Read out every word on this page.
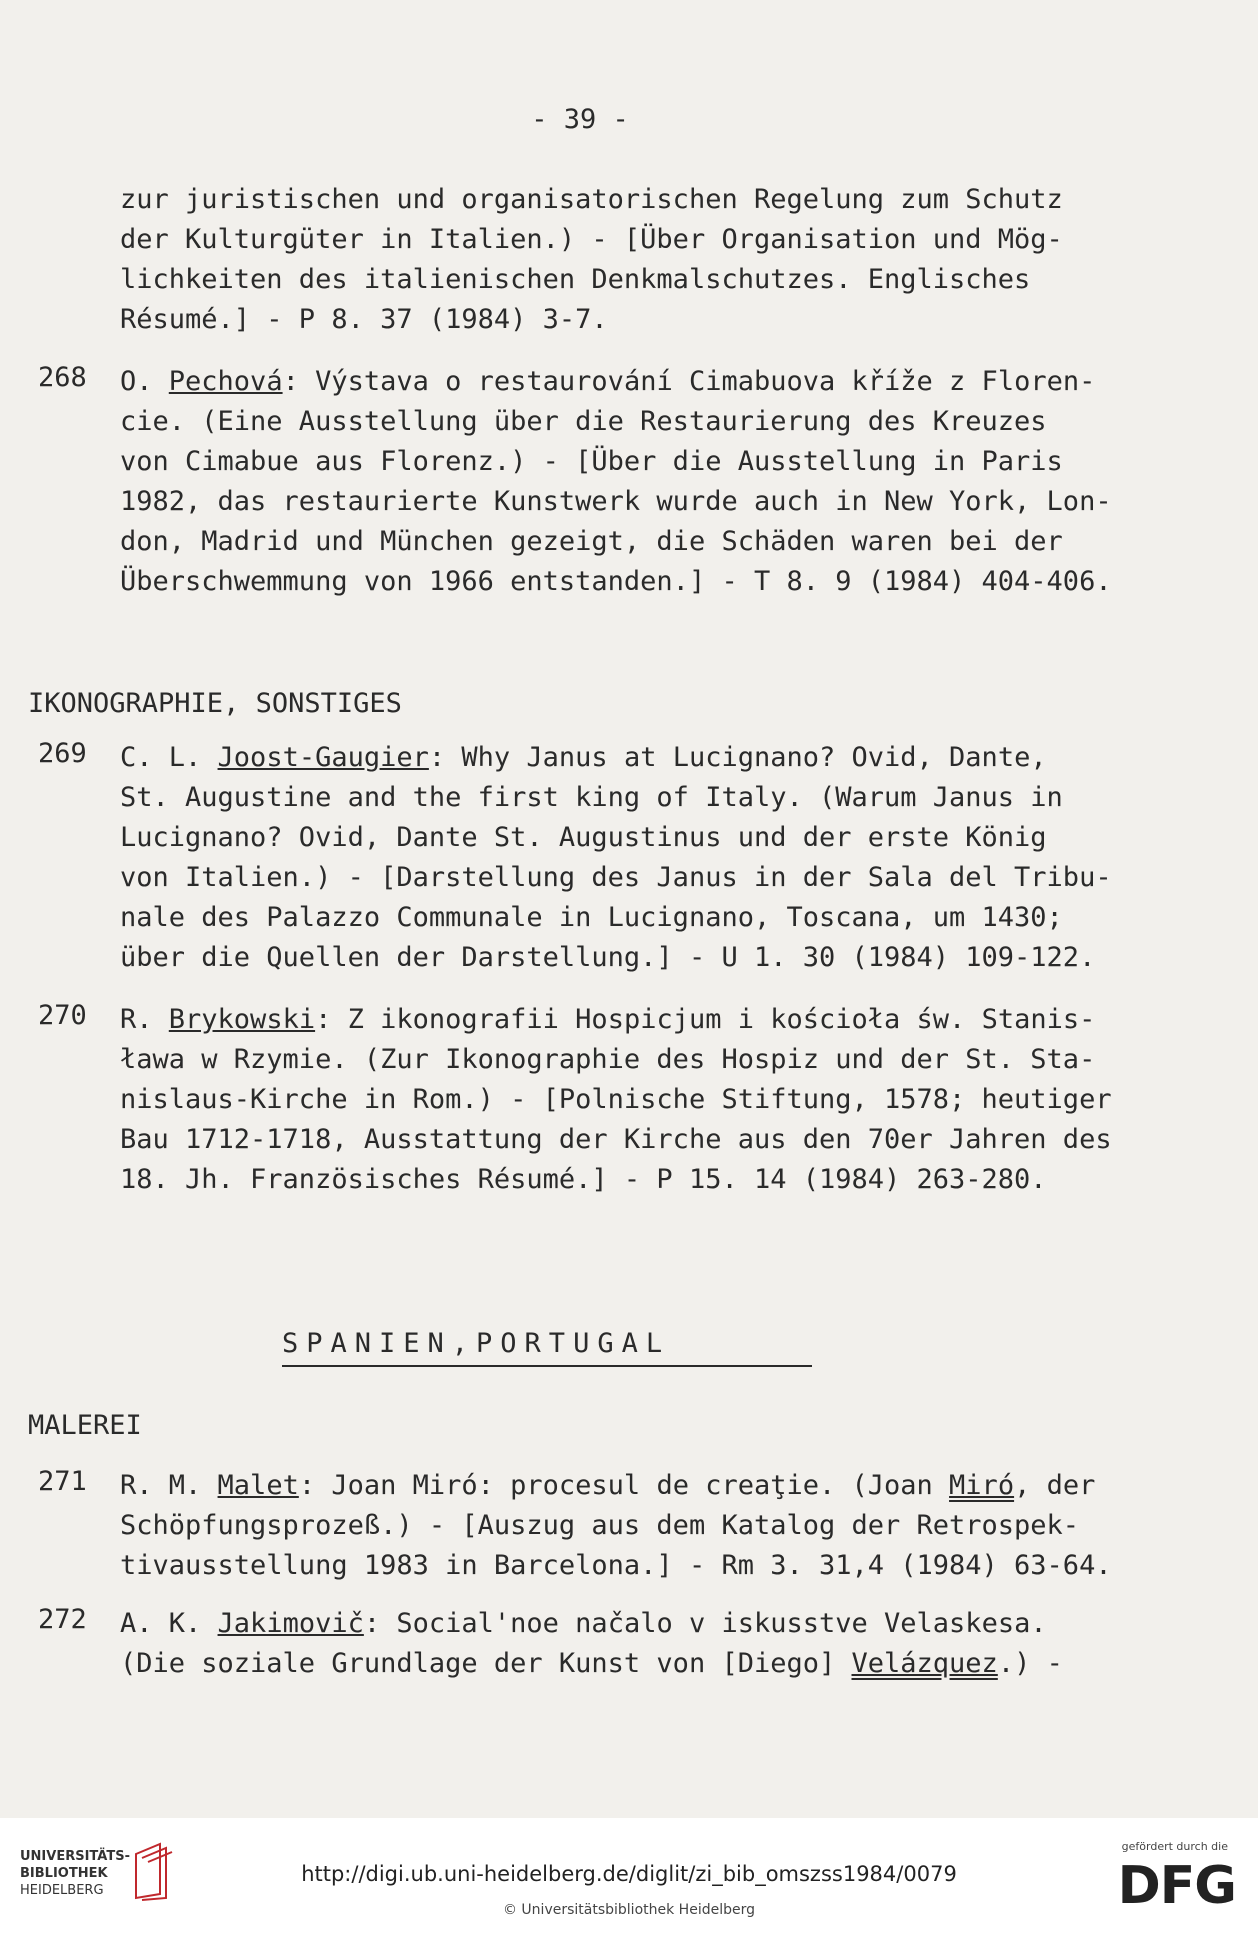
- 39 -
zur juristischen und organisatorischen Regelung zum Schutz
der Kulturgüter in Italien.) - [Über Organisation und Mög-
lichkeiten des italienischen Denkmalschutzes. Englisches
Résumé.] - P 8. 37 (1984) 3-7.
268 O. Pechová: Výstava o restaurování Cimabuova kříže z Floren-
cie. (Eine Ausstellung über die Restaurierung des Kreuzes
von Cimabue aus Florenz.) - [Über die Ausstellung in Paris
1982, das restaurierte Kunstwerk wurde auch in New York, Lon-
don, Madrid und München gezeigt, die Schäden waren bei der
Überschwemmung von 1966 entstanden.] - T 8. 9 (1984) 404-406.
IKONOGRAPHIE, SONSTIGES
269 C. L. Joost-Gaugier: Why Janus at Lucignano? Ovid, Dante,
St. Augustine and the first king of Italy. (Warum Janus in
Lucignano? Ovid, Dante St. Augustinus und der erste König
von Italien.) - [Darstellung des Janus in der Sala del Tribu-
nale des Palazzo Communale in Lucignano, Toscana, um 1430;
über die Quellen der Darstellung.] - U 1. 30 (1984) 109-122.
270 R. Brykowski: Z ikonografii Hospicjum i kościoła św. Stanis-
ława w Rzymie. (Zur Ikonographie des Hospiz und der St. Sta-
nislaus-Kirche in Rom.) - [Polnische Stiftung, 1578; heutiger
Bau 1712-1718, Ausstattung der Kirche aus den 70er Jahren des
18. Jh. Französisches Résumé.] - P 15. 14 (1984) 263-280.
SPANIEN,PORTUGAL
MALEREI
271 R. M. Malet: Joan Miró: procesul de creaţie. (Joan Miró, der
Schöpfungsprozeß.) - [Auszug aus dem Katalog der Retrospek-
tivausstellung 1983 in Barcelona.] - Rm 3. 31,4 (1984) 63-64.
272 A. K. Jakimovič: Social'noe načalo v iskusstve Velaskesa.
(Die soziale Grundlage der Kunst von [Diego] Velázquez.) -
UNIVERSITÄTS-
BIBLIOTHEK
HEIDELBERG
http://digi.ub.uni-heidelberg.de/diglit/zi_bib_omszss1984/0079
© Universitätsbibliothek Heidelberg
gefördert durch die
DFG
